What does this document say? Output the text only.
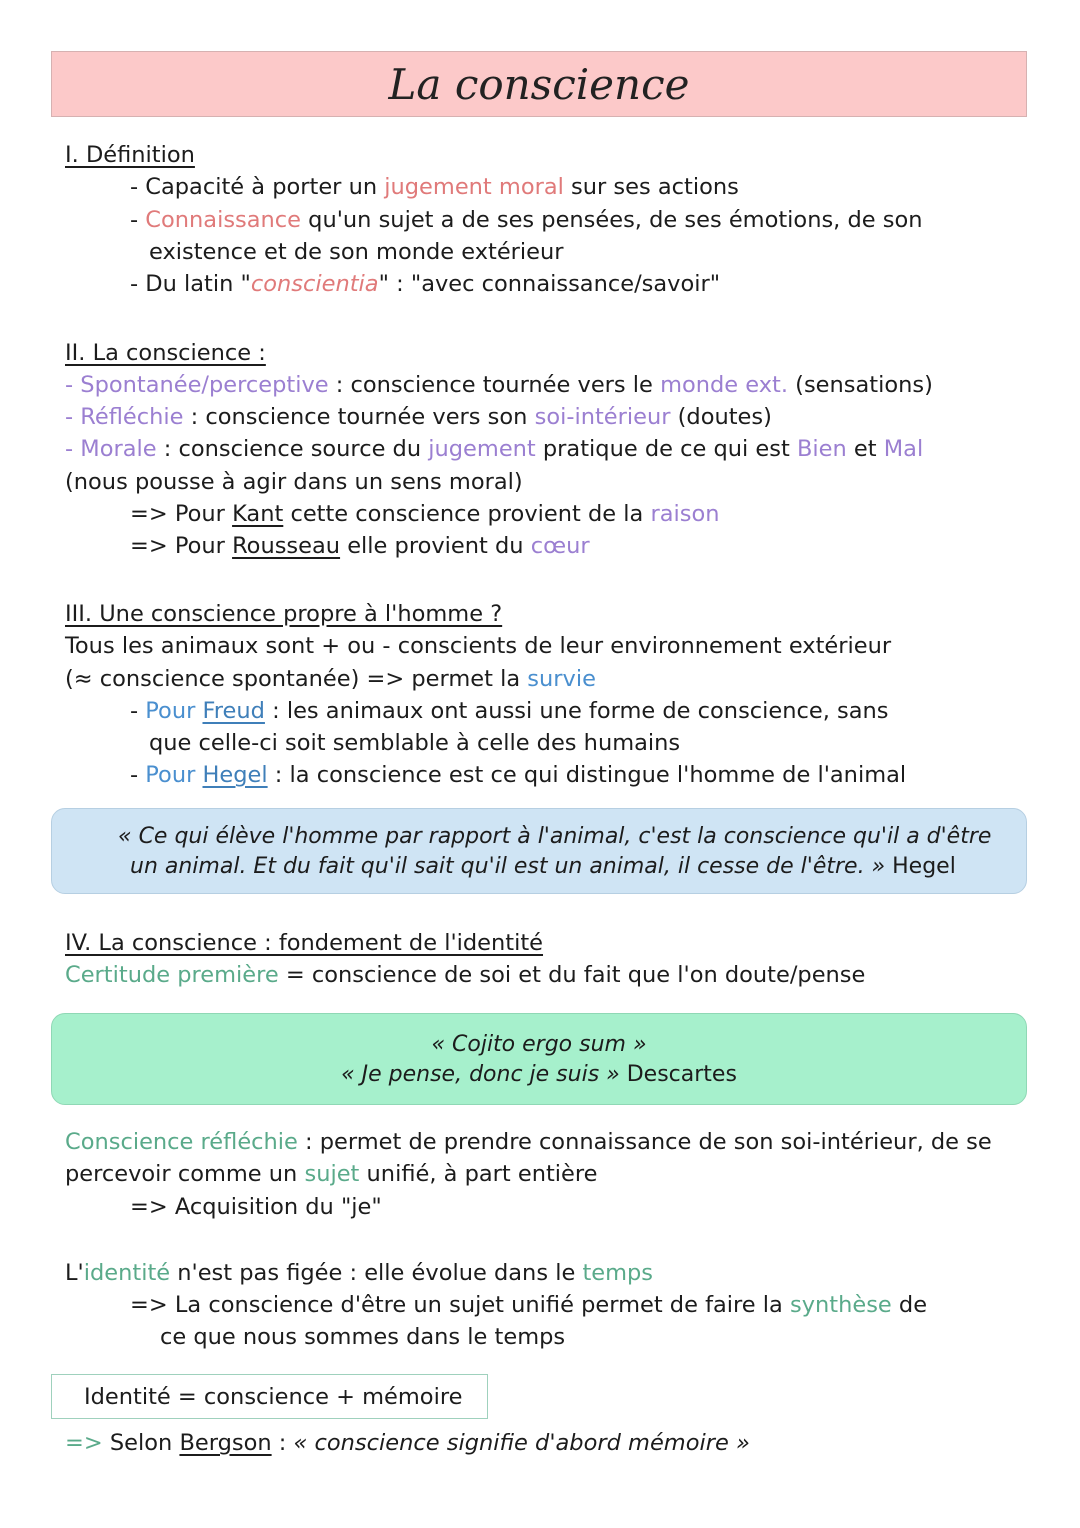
La conscience
I. Définition
- Capacité à porter un jugement moral sur ses actions
- Connaissance qu'un sujet a de ses pensées, de ses émotions, de son
existence et de son monde extérieur
- Du latin "conscientia" : "avec connaissance/savoir"
II. La conscience :
- Spontanée/perceptive : conscience tournée vers le monde ext. (sensations)
- Réfléchie : conscience tournée vers son soi-intérieur (doutes)
- Morale : conscience source du jugement pratique de ce qui est Bien et Mal
(nous pousse à agir dans un sens moral)
=> Pour Kant cette conscience provient de la raison
=> Pour Rousseau elle provient du cœur
III. Une conscience propre à l'homme ?
Tous les animaux sont + ou - conscients de leur environnement extérieur
(≈ conscience spontanée) => permet la survie
- Pour Freud : les animaux ont aussi une forme de conscience, sans
que celle-ci soit semblable à celle des humains
- Pour Hegel : la conscience est ce qui distingue l'homme de l'animal
« Ce qui élève l'homme par rapport à l'animal, c'est la conscience qu'il a d'être
un animal. Et du fait qu'il sait qu'il est un animal, il cesse de l'être. » Hegel
IV. La conscience : fondement de l'identité
Certitude première = conscience de soi et du fait que l'on doute/pense
« Cojito ergo sum »
« Je pense, donc je suis » Descartes
Conscience réfléchie : permet de prendre connaissance de son soi-intérieur, de se
percevoir comme un sujet unifié, à part entière
=> Acquisition du "je"
L'identité n'est pas figée : elle évolue dans le temps
=> La conscience d'être un sujet unifié permet de faire la synthèse de
ce que nous sommes dans le temps
Identité = conscience + mémoire
=> Selon Bergson : « conscience signifie d'abord mémoire »
